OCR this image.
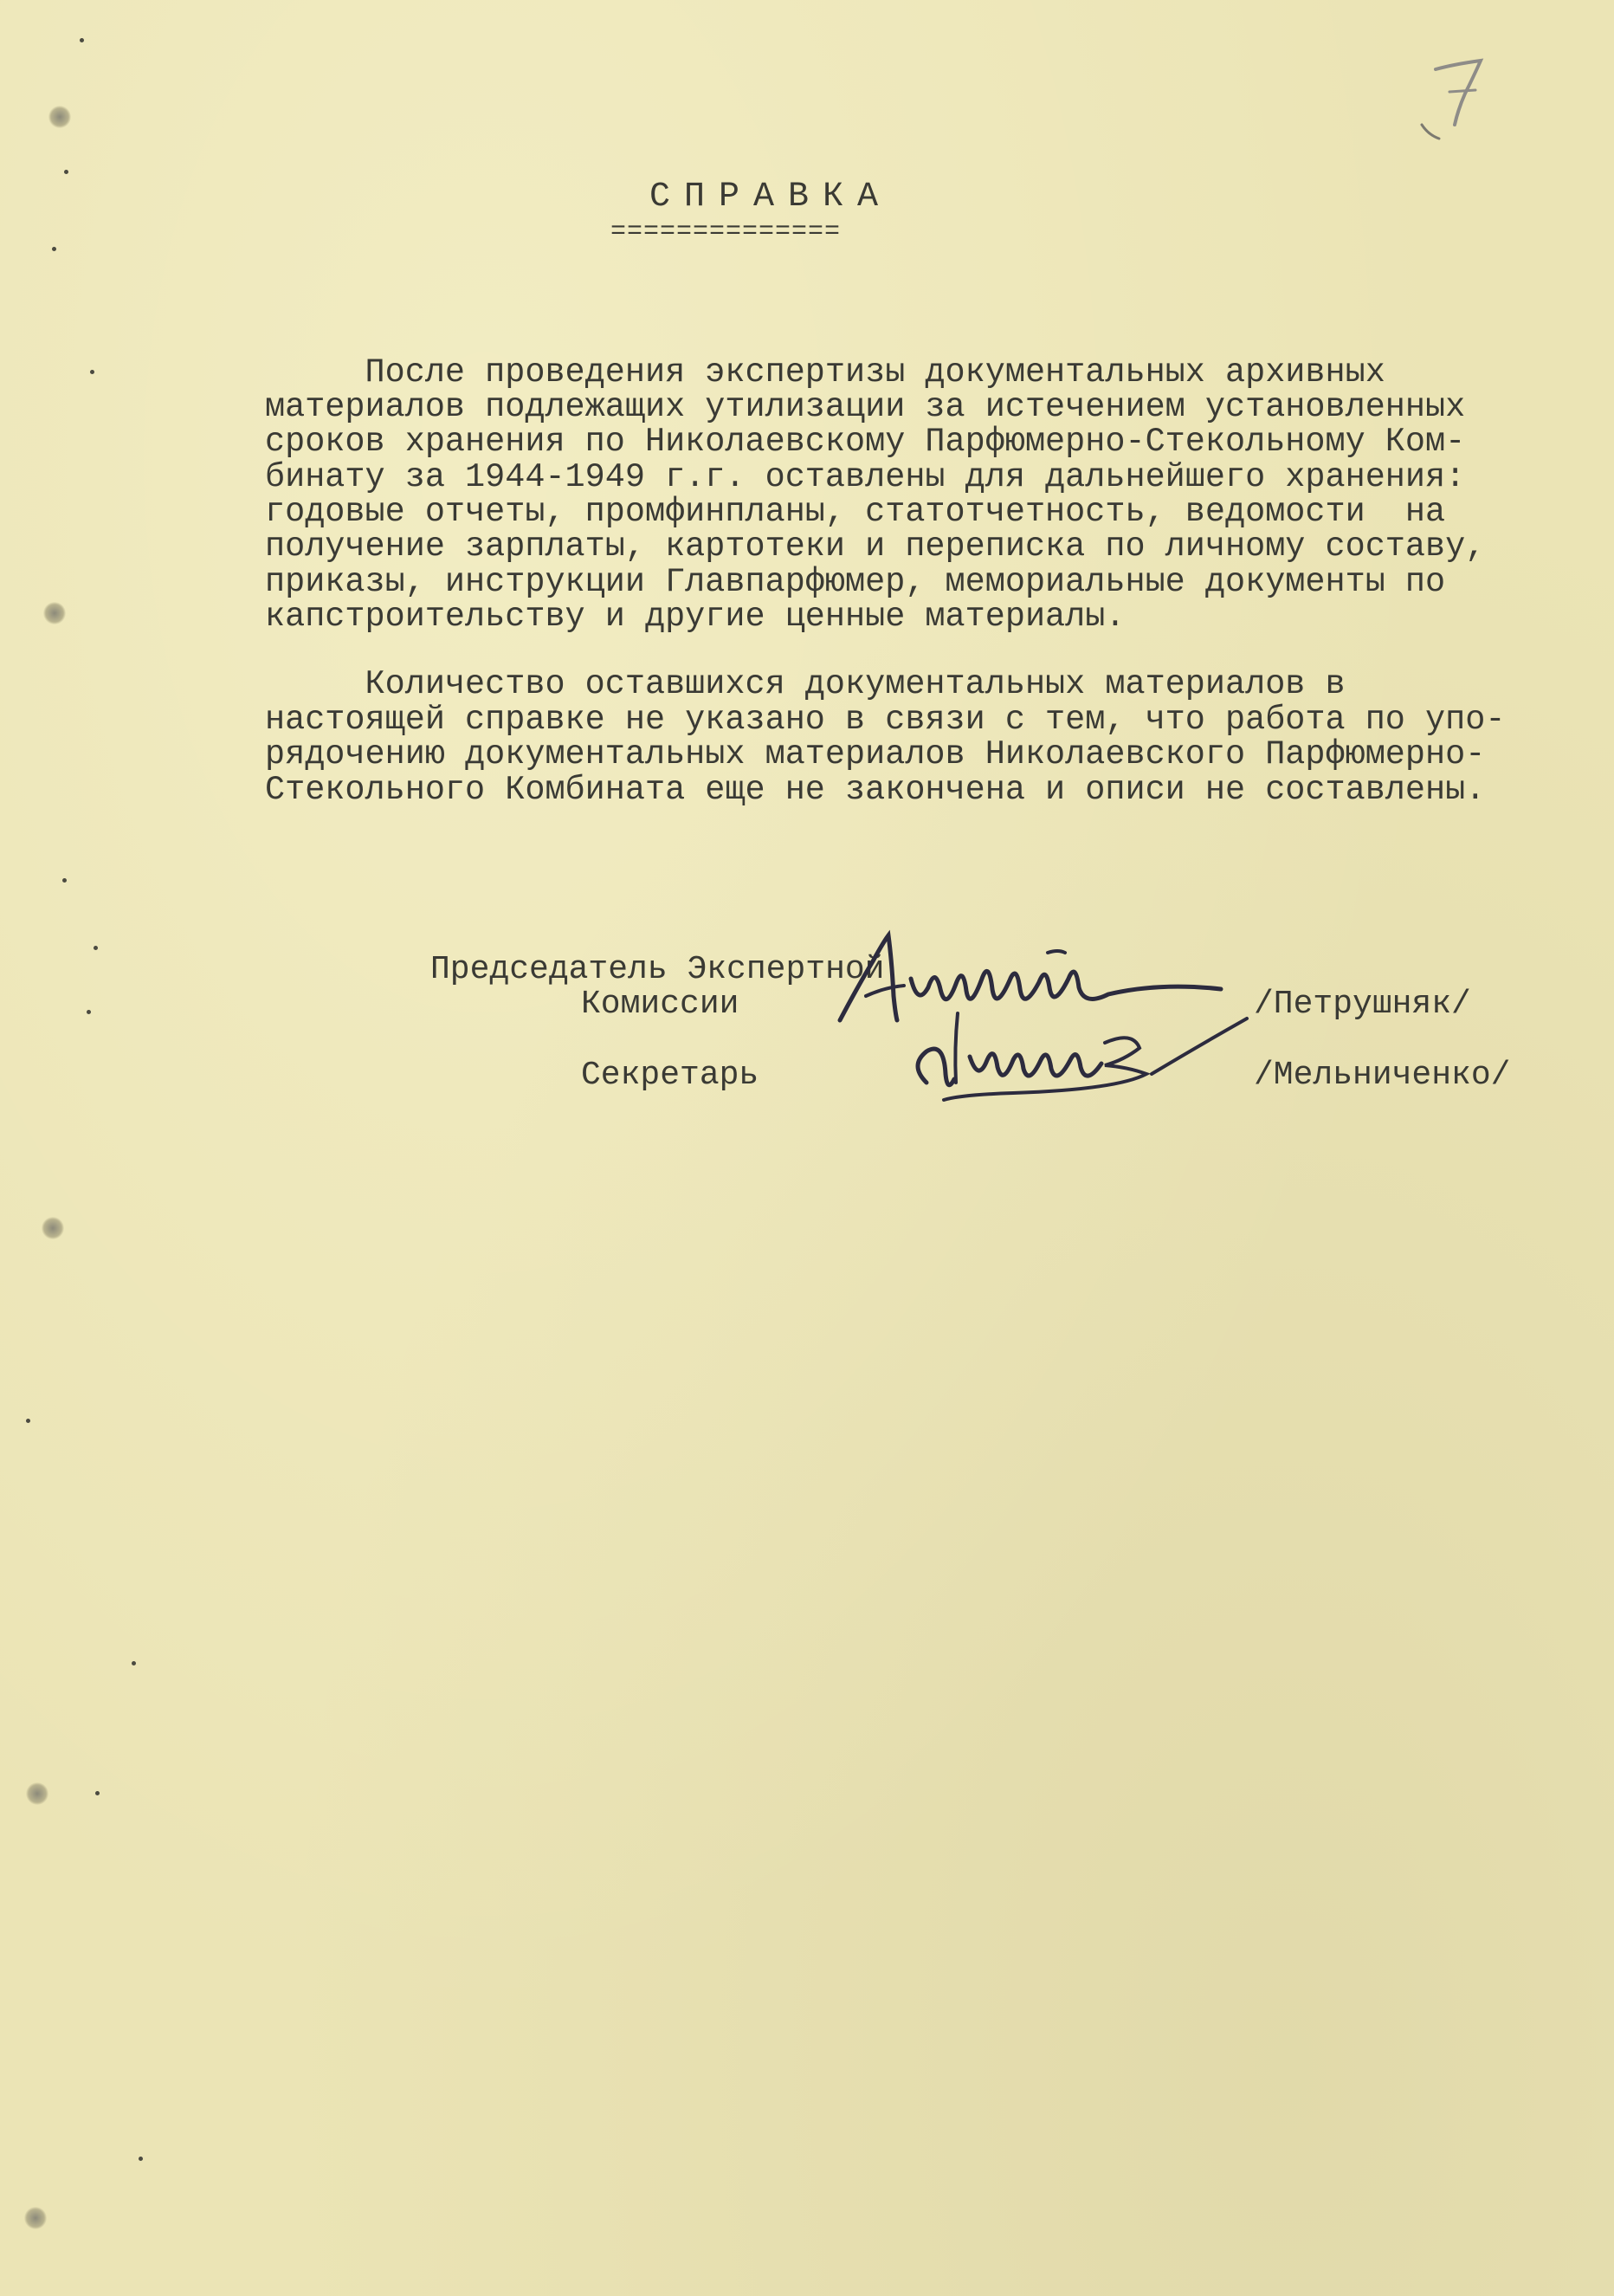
СПРАВКА
==============
После проведения экспертизы документальных архивных
материалов подлежащих утилизации за истечением установленных
сроков хранения по Николаевскому Парфюмерно-Стекольному Ком-
бинату за 1944-1949 г.г. оставлены для дальнейшего хранения:
годовые отчеты, промфинпланы, статотчетность, ведомости  на
получение зарплаты, картотеки и переписка по личному составу,
приказы, инструкции Главпарфюмер, мемориальные документы по
капстроительству и другие ценные материалы.
Количество оставшихся документальных материалов в
настоящей справке не указано в связи с тем, что работа по упо-
рядочению документальных материалов Николаевского Парфюмерно-
Стекольного Комбината еще не закончена и описи не составлены.
Председатель Экспертной
Комиссии	/Петрушняк/
Секретарь	/Мельниченко/
